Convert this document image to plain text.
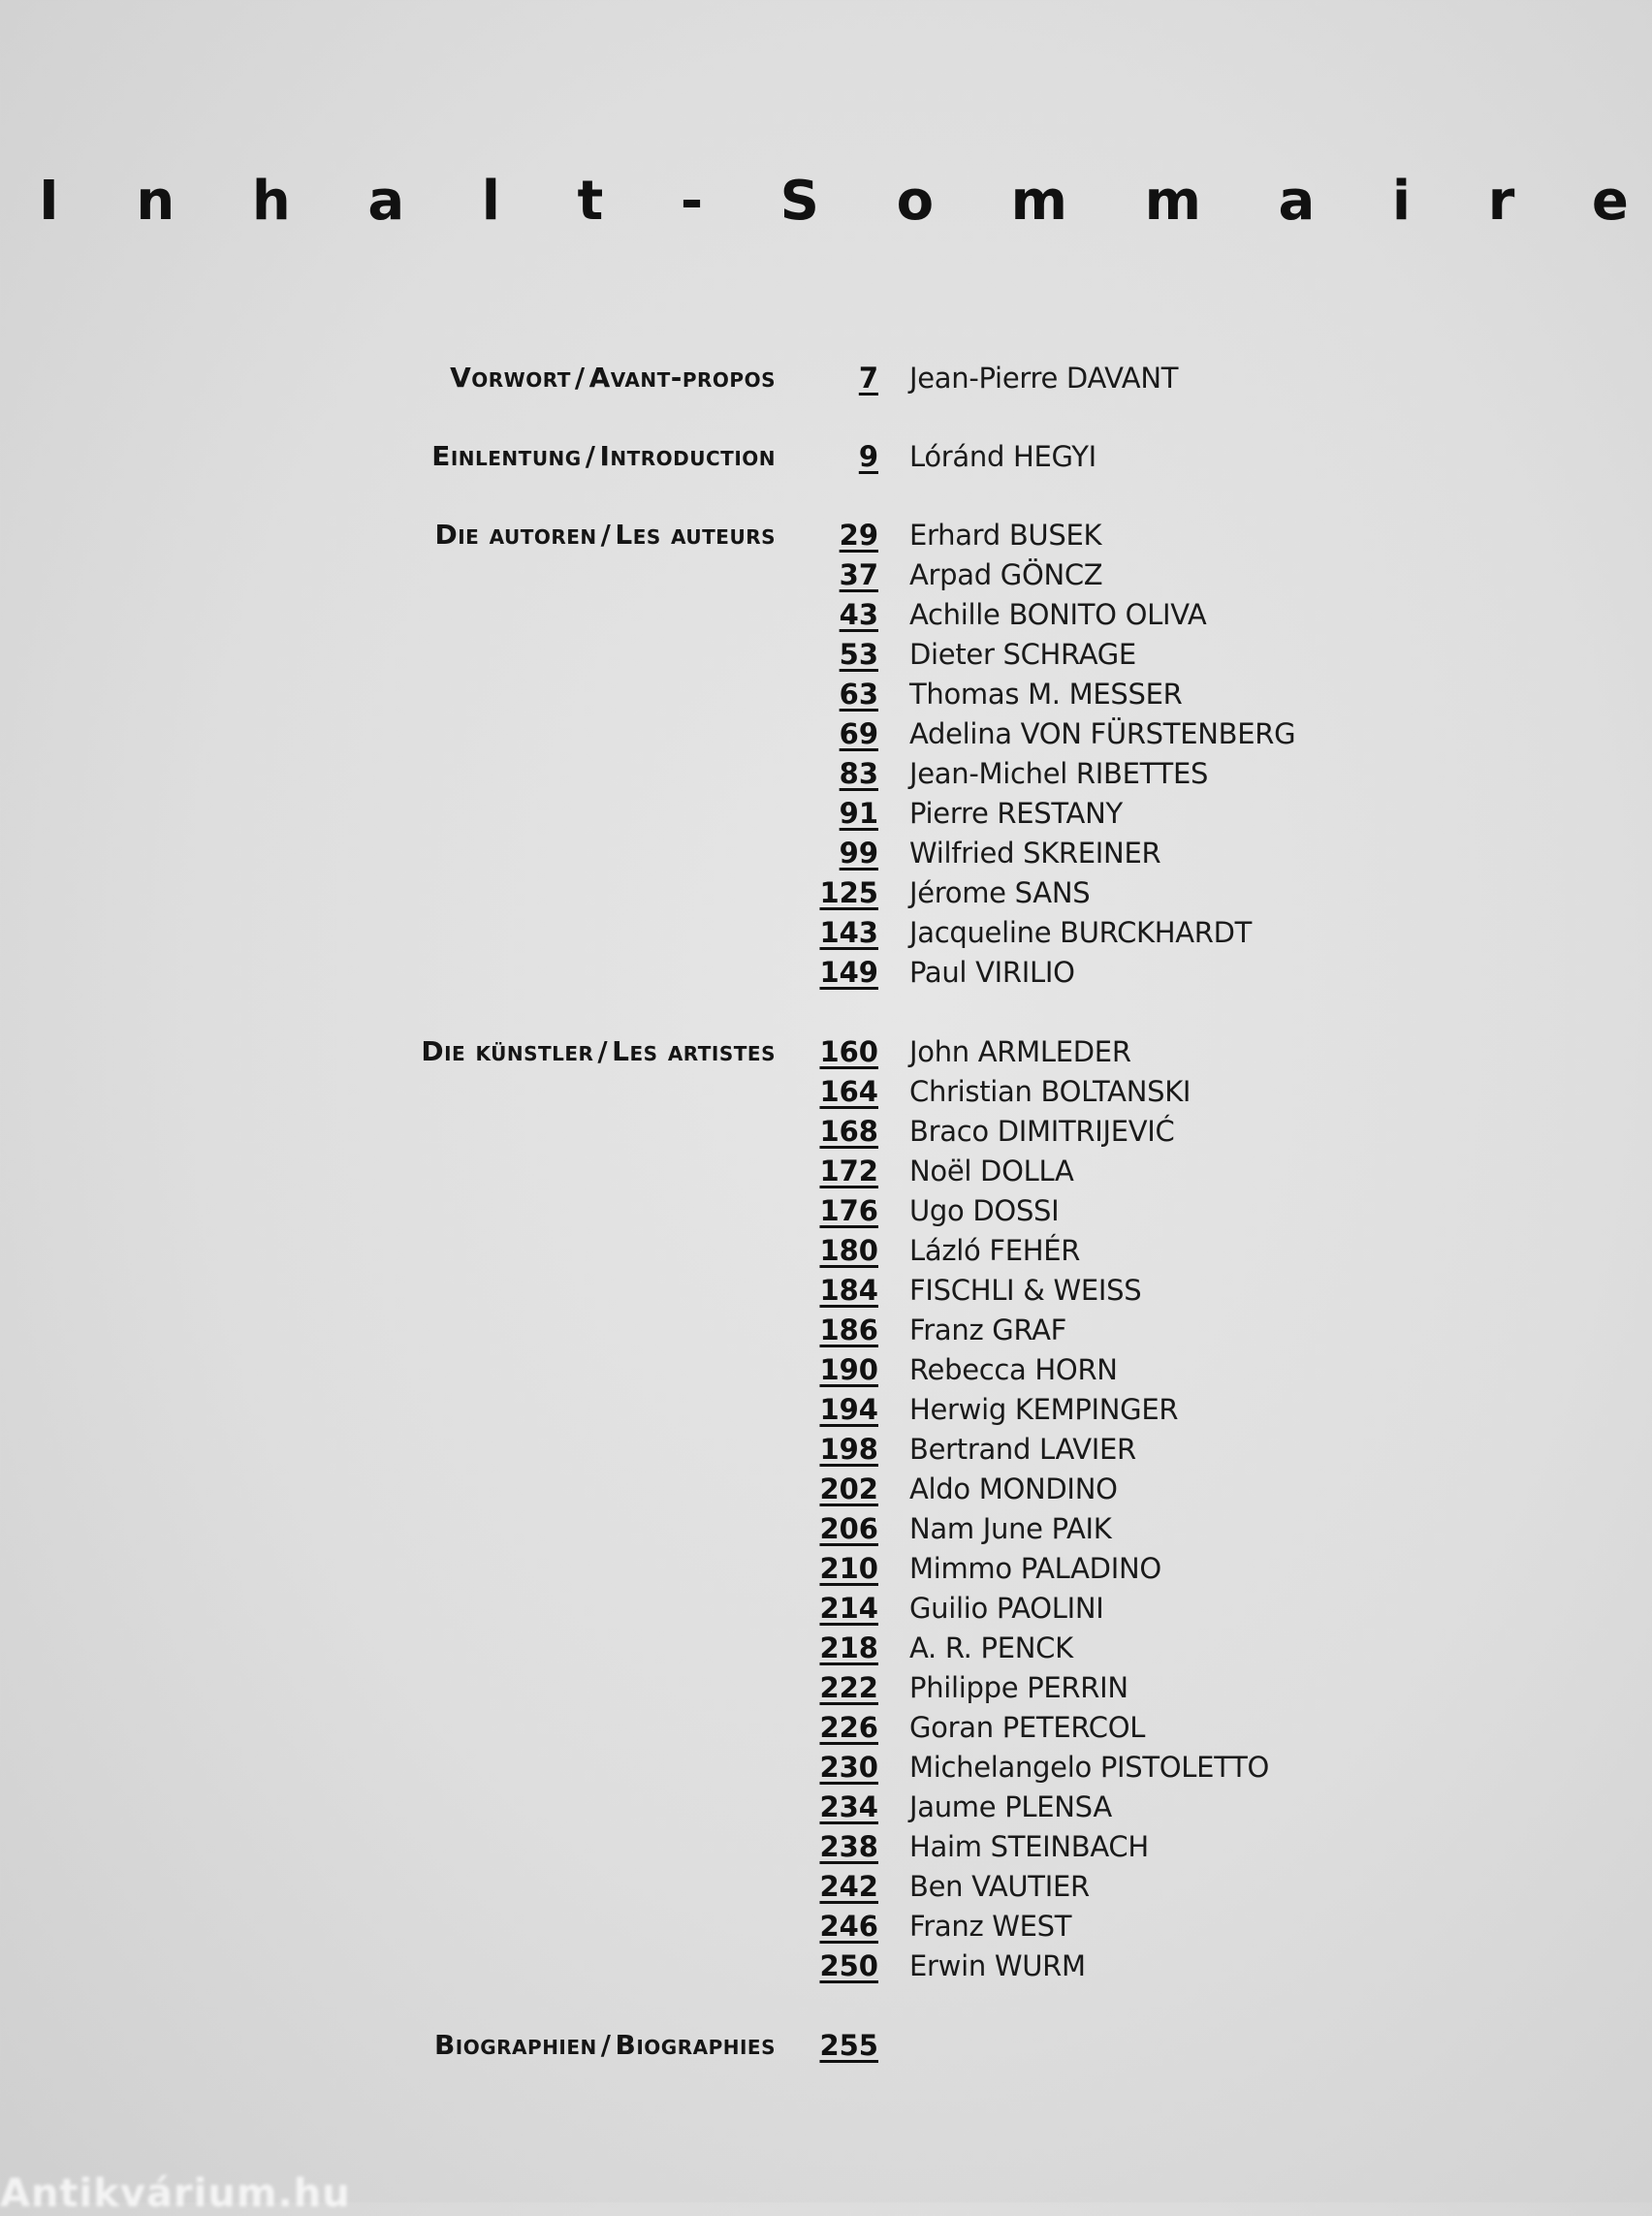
I n h a l t - S o m m a i r e
Vorwort / Avant-propos	7 Jean-Pierre DAVANT
Einlentung / Introduction	9 Lóránd HEGYI
Die autoren / Les auteurs 29 Erhard BUSEK
37 Arpad GÖNCZ
43 Achille BONITO OLIVA
53 Dieter SCHRAGE
63 Thomas M. MESSER
69 Adelina VON FÜRSTENBERG
83 Jean-Michel RIBETTES
91 Pierre RESTANY
99 Wilfried SKREINER
125 Jérome SANS
143 Jacqueline BURCKHARDT
149 Paul VIRILIO
Die künstler / Les artistes 160 John ARMLEDER
164 Christian BOLTANSKI
168 Braco DIMITRIJEVIĆ
172 Noël DOLLA
176 Ugo DOSSI
180 Lázló FEHÉR
184 FISCHLI & WEISS
186 Franz GRAF
190 Rebecca HORN
194 Herwig KEMPINGER
198 Bertrand LAVIER
202 Aldo MONDINO
206 Nam June PAIK
210 Mimmo PALADINO
214 Guilio PAOLINI
218 A. R. PENCK
222 Philippe PERRIN
226 Goran PETERCOL
230 Michelangelo PISTOLETTO
234 Jaume PLENSA
238 Haim STEINBACH
242 Ben VAUTIER
246 Franz WEST
250 Erwin WURM
Biographien / Biographies 255
Antikvárium.hu
